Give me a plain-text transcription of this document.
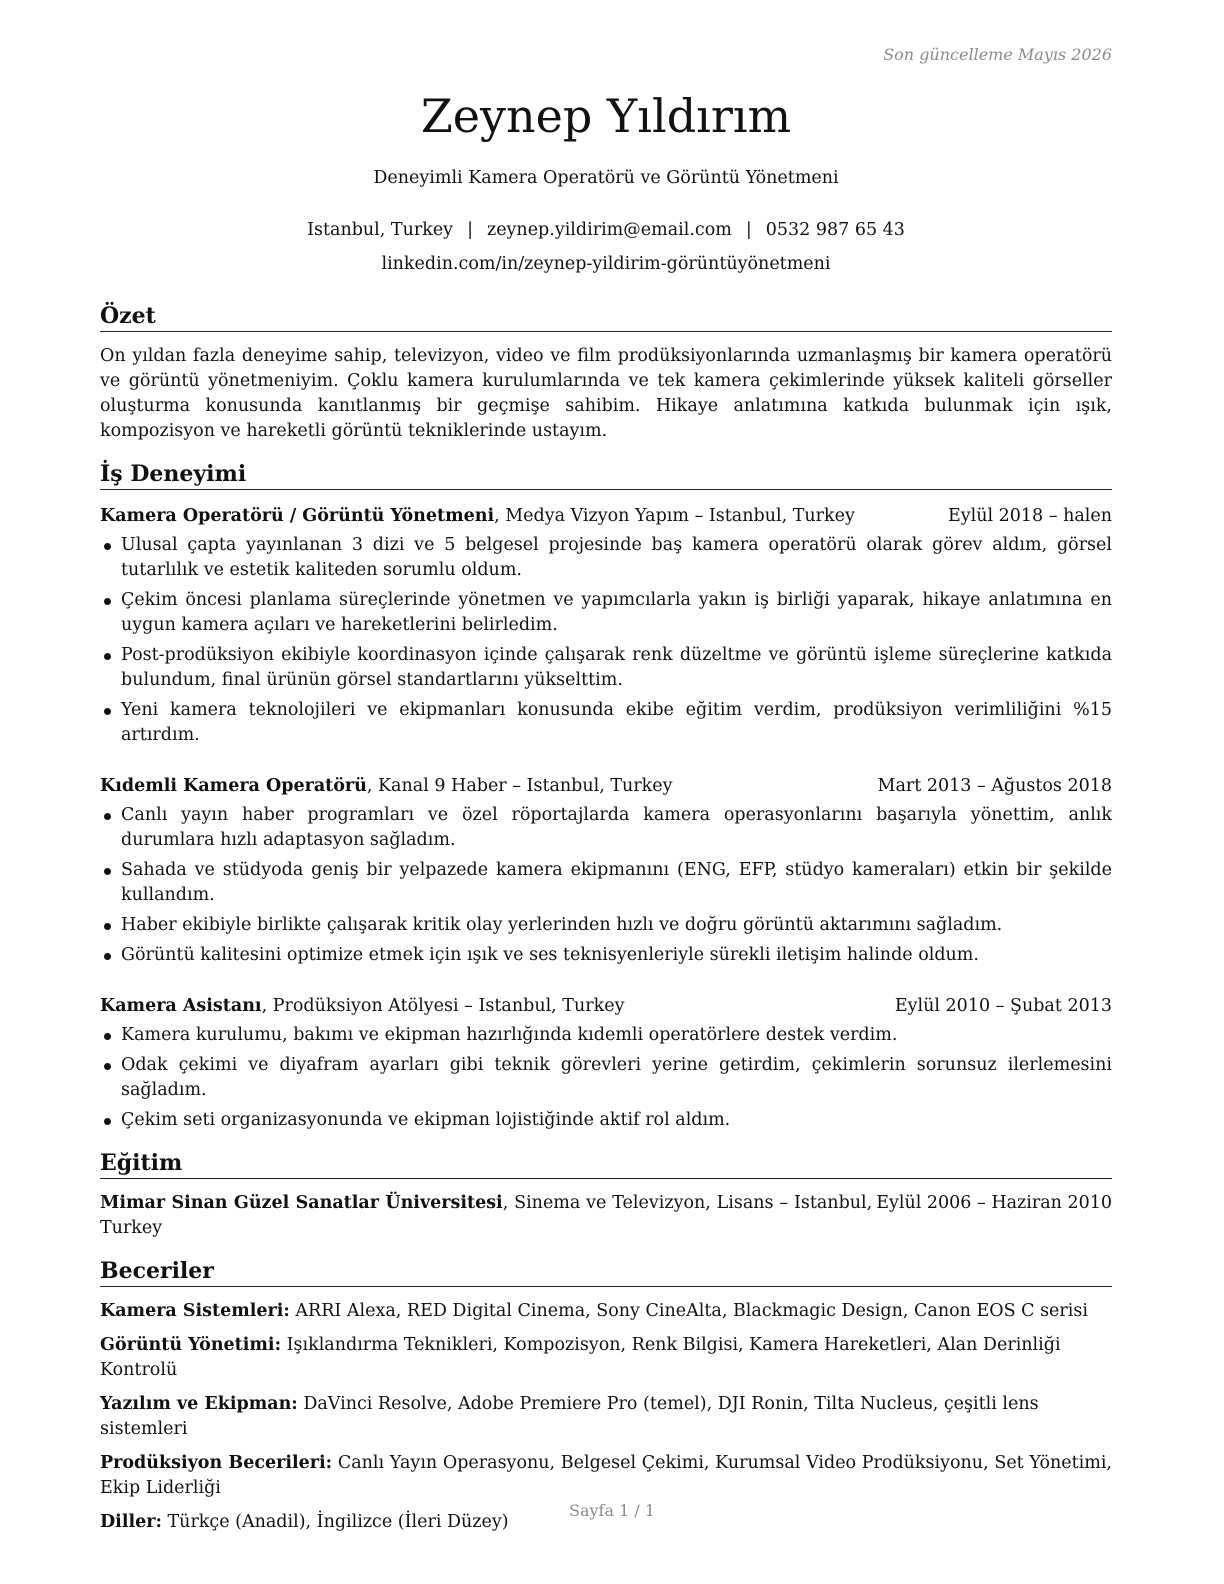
Son güncelleme Mayıs 2026
Zeynep Yıldırım
Deneyimli Kamera Operatörü ve Görüntü Yönetmeni
Istanbul, Turkey | zeynep.yildirim@email.com | 0532 987 65 43
linkedin.com/in/zeynep-yildirim-görüntüyönetmeni
Özet
On yıldan fazla deneyime sahip, televizyon, video ve film prodüksiyonlarında uzmanlaşmış bir kamera operatörü ve görüntü yönetmeniyim. Çoklu kamera kurulumlarında ve tek kamera çekimlerinde yüksek kaliteli görseller oluşturma konusunda kanıtlanmış bir geçmişe sahibim. Hikaye anlatımına katkıda bulunmak için ışık, kompozisyon ve hareketli görüntü tekniklerinde ustayım.
İş Deneyimi
Kamera Operatörü / Görüntü Yönetmeni, Medya Vizyon Yapım – Istanbul, Turkey	Eylül 2018 – halen
Ulusal çapta yayınlanan 3 dizi ve 5 belgesel projesinde baş kamera operatörü olarak görev aldım, görsel tutarlılık ve estetik kaliteden sorumlu oldum.
Çekim öncesi planlama süreçlerinde yönetmen ve yapımcılarla yakın iş birliği yaparak, hikaye anlatımına en uygun kamera açıları ve hareketlerini belirledim.
Post-prodüksiyon ekibiyle koordinasyon içinde çalışarak renk düzeltme ve görüntü işleme süreçlerine katkıda bulundum, final ürünün görsel standartlarını yükselttim.
Yeni kamera teknolojileri ve ekipmanları konusunda ekibe eğitim verdim, prodüksiyon verimliliğini %15 artırdım.
Kıdemli Kamera Operatörü, Kanal 9 Haber – Istanbul, Turkey	Mart 2013 – Ağustos 2018
Canlı yayın haber programları ve özel röportajlarda kamera operasyonlarını başarıyla yönettim, anlık durumlara hızlı adaptasyon sağladım.
Sahada ve stüdyoda geniş bir yelpazede kamera ekipmanını (ENG, EFP, stüdyo kameraları) etkin bir şekilde kullandım.
Haber ekibiyle birlikte çalışarak kritik olay yerlerinden hızlı ve doğru görüntü aktarımını sağladım.
Görüntü kalitesini optimize etmek için ışık ve ses teknisyenleriyle sürekli iletişim halinde oldum.
Kamera Asistanı, Prodüksiyon Atölyesi – Istanbul, Turkey	Eylül 2010 – Şubat 2013
Kamera kurulumu, bakımı ve ekipman hazırlığında kıdemli operatörlere destek verdim.
Odak çekimi ve diyafram ayarları gibi teknik görevleri yerine getirdim, çekimlerin sorunsuz ilerlemesini sağladım.
Çekim seti organizasyonunda ve ekipman lojistiğinde aktif rol aldım.
Eğitim
Mimar Sinan Güzel Sanatlar Üniversitesi, Sinema ve Televizyon, Lisans – Istanbul, Turkey
Eylül 2006 – Haziran 2010
Beceriler
Kamera Sistemleri: ARRI Alexa, RED Digital Cinema, Sony CineAlta, Blackmagic Design, Canon EOS C serisi
Görüntü Yönetimi: Işıklandırma Teknikleri, Kompozisyon, Renk Bilgisi, Kamera Hareketleri, Alan Derinliği Kontrolü
Yazılım ve Ekipman: DaVinci Resolve, Adobe Premiere Pro (temel), DJI Ronin, Tilta Nucleus, çeşitli lens sistemleri
Prodüksiyon Becerileri: Canlı Yayın Operasyonu, Belgesel Çekimi, Kurumsal Video Prodüksiyonu, Set Yönetimi, Ekip Liderliği
Diller: Türkçe (Anadil), İngilizce (İleri Düzey)
Sayfa 1 / 1
